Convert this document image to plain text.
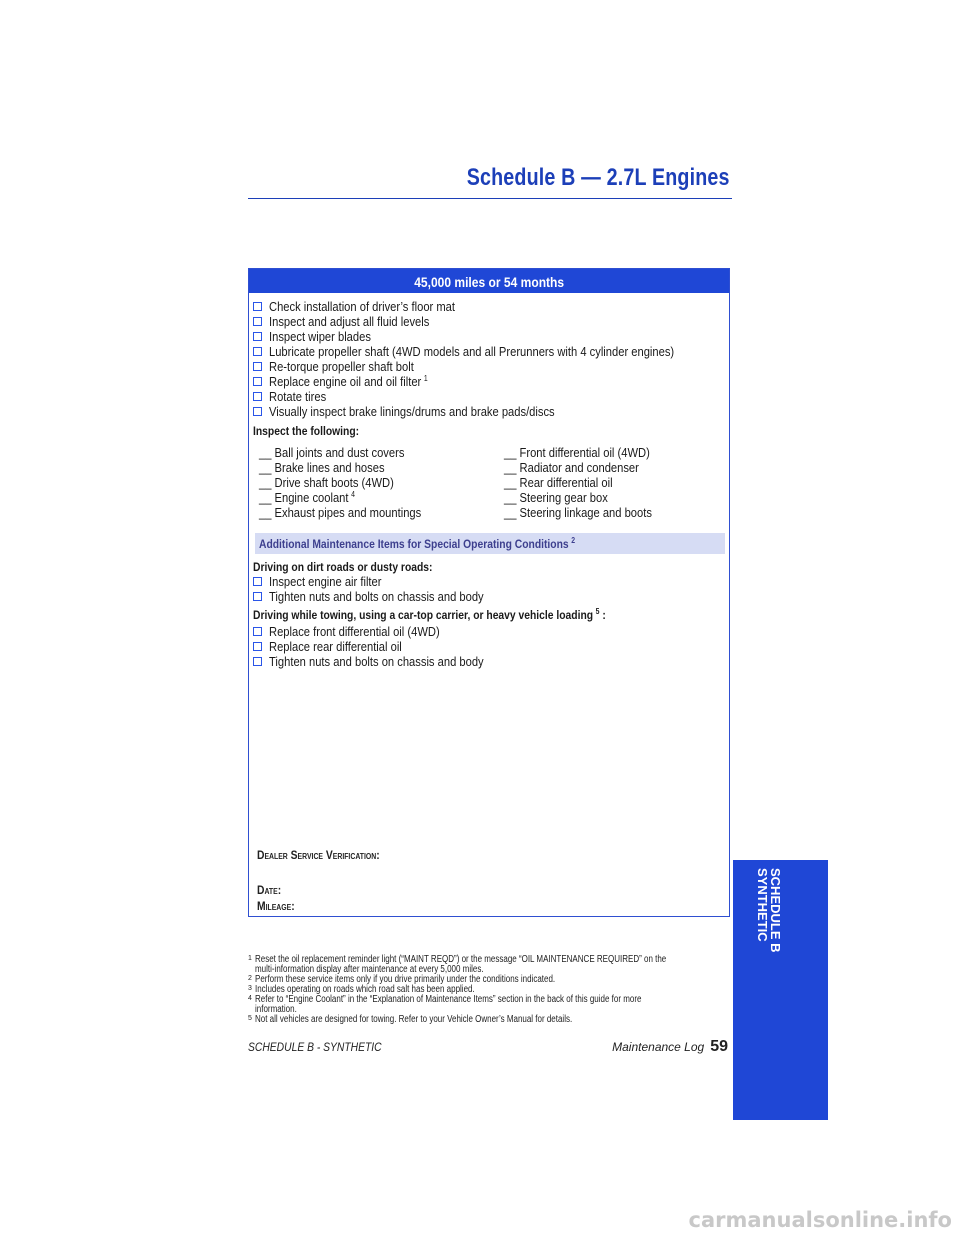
Schedule B — 2.7L Engines
45,000 miles or 54 months
Check installation of driver’s floor mat
Inspect and adjust all fluid levels
Inspect wiper blades
Lubricate propeller shaft (4WD models and all Prerunners with 4 cylinder engines)
Re-torque propeller shaft bolt
Replace engine oil and oil filter $^1$
Rotate tires
Visually inspect brake linings/drums and brake pads/discs
Inspect the following:
__ Ball joints and dust covers
__ Brake lines and hoses
__ Drive shaft boots (4WD)
__ Engine coolant $^4$
__ Exhaust pipes and mountings
__ Front differential oil (4WD)
__ Radiator and condenser
__ Rear differential oil
__ Steering gear box
__ Steering linkage and boots
Additional Maintenance Items for Special Operating Conditions $^2$
Driving on dirt roads or dusty roads:
Inspect engine air filter
Tighten nuts and bolts on chassis and body
Driving while towing, using a car-top carrier, or heavy vehicle loading $^5$ :
Replace front differential oil (4WD)
Replace rear differential oil
Tighten nuts and bolts on chassis and body
Dealer Service Verification:
Date:
Mileage:
1 Reset the oil replacement reminder light (“MAINT REQD”) or the message “OIL MAINTENANCE REQUIRED” on the
multi-information display after maintenance at every 5,000 miles.
2 Perform these service items only if you drive primarily under the conditions indicated.
3 Includes operating on roads which road salt has been applied.
4 Refer to “Engine Coolant” in the “Explanation of Maintenance Items” section in the back of this guide for more
information.
5 Not all vehicles are designed for towing. Refer to your Vehicle Owner’s Manual for details.
SCHEDULE B - SYNTHETIC	Maintenance Log 59
SCHEDULE B
SYNTHETIC
carmanualsonline.info
